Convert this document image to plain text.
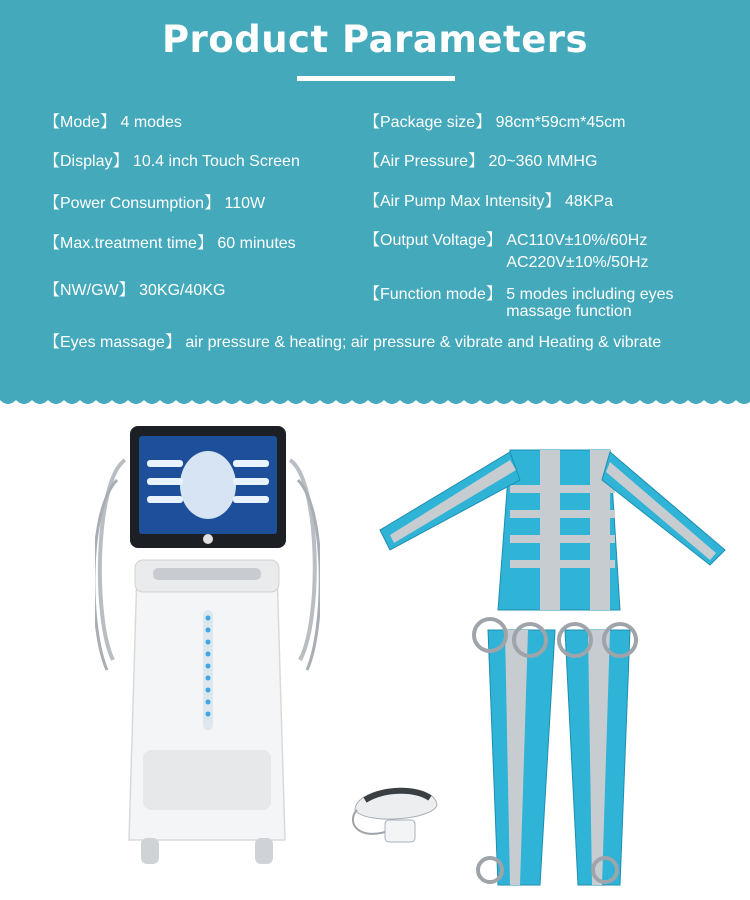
Product Parameters
【Mode】 4 modes
【Display】 10.4 inch Touch Screen
【Power Consumption】 110W
【Max.treatment time】 60 minutes
【NW/GW】 30KG/40KG
【Package size】 98cm*59cm*45cm
【Air Pressure】 20~360 MMHG
【Air Pump Max Intensity】 48KPa
【Output Voltage】 AC110V±10%/60Hz
AC220V±10%/50Hz
【Function mode】 5 modes including eyes
massage function
【Eyes massage】 air pressure & heating; air pressure & vibrate and Heating & vibrate
